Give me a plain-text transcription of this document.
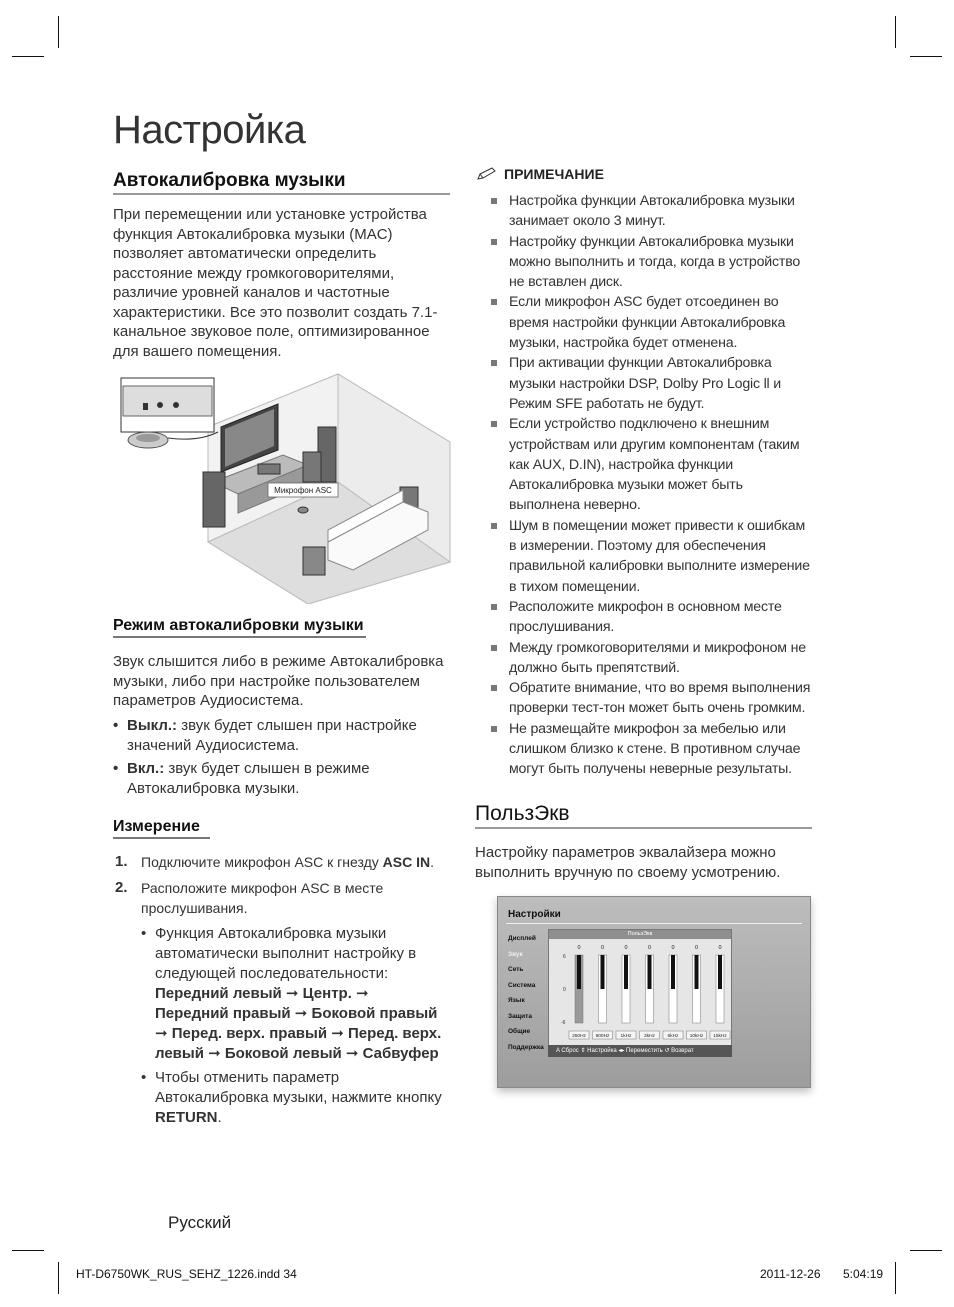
Настройка
Автокалибровка музыки

При перемещении или установке устройства функция Автокалибровка музыки (MAC) позволяет автоматически определить расстояние между громкоговорителями, различие уровней каналов и частотные характеристики. Все это позволит создать 7.1-канальное звуковое поле, оптимизированное для вашего помещения.

Микрофон ASC
Режим автокалибровки музыки

Звук слышится либо в режиме Автокалибровка музыки, либо при настройке пользователем параметров Аудиосистема.

• Выкл.: звук будет слышен при настройке значений Аудиосистема.
• Вкл.: звук будет слышен в режиме Автокалибровка музыки.
Измерение
1. Подключите микрофон ASC к гнезду ASC IN.
2. Расположите микрофон ASC в месте прослушивания.
• Функция Автокалибровка музыки автоматически выполнит настройку в следующей последовательности:
Передний левый ➞ Центр. ➞ Передний правый ➞ Боковой правый ➞ Перед. верх. правый ➞ Перед. верх. левый ➞ Боковой левый ➞ Сабвуфер
• Чтобы отменить параметр Автокалибровка музыки, нажмите кнопку RETURN.
ПРИМЕЧАНИЕ
Настройка функции Автокалибровка музыки занимает около 3 минут.
Настройку функции Автокалибровка музыки можно выполнить и тогда, когда в устройство не вставлен диск.
Если микрофон ASC будет отсоединен во время настройки функции Автокалибровка музыки, настройка будет отменена.
При активации функции Автокалибровка музыки настройки DSP, Dolby Pro Logic ll и Режим SFE работать не будут.
Если устройство подключено к внешним устройствам или другим компонентам (таким как AUX, D.IN), настройка функции Автокалибровка музыки может быть выполнена неверно.
Шум в помещении может привести к ошибкам в измерении. Поэтому для обеспечения правильной калибровки выполните измерение в тихом помещении.
Расположите микрофон в основном месте прослушивания.
Между громкоговорителями и микрофоном не должно быть препятствий.
Обратите внимание, что во время выполнения проверки тест-тон может быть очень громким.
Не размещайте микрофон за мебелью или слишком близко к стене. В противном случае могут быть получены неверные результаты.
ПользЭкв

Настройку параметров эквалайзера можно выполнить вручную по своему усмотрению.

Настройки
Дисплей
Звук
Сеть
Система
Язык
Защита
Общие
Поддержка
ПользЭкв
6
0
-6
0
250Hz
0
600Hz
0
1kHz
0
3kHz
0
6kHz
0
10kHz
0
15kHz
A Сброс ⇕ Настройка ◂▸ Переместить ↺ Возврат
Русский
HT-D6750WK_RUS_SEHZ_1226.indd 34	2011-12-26 5:04:19
